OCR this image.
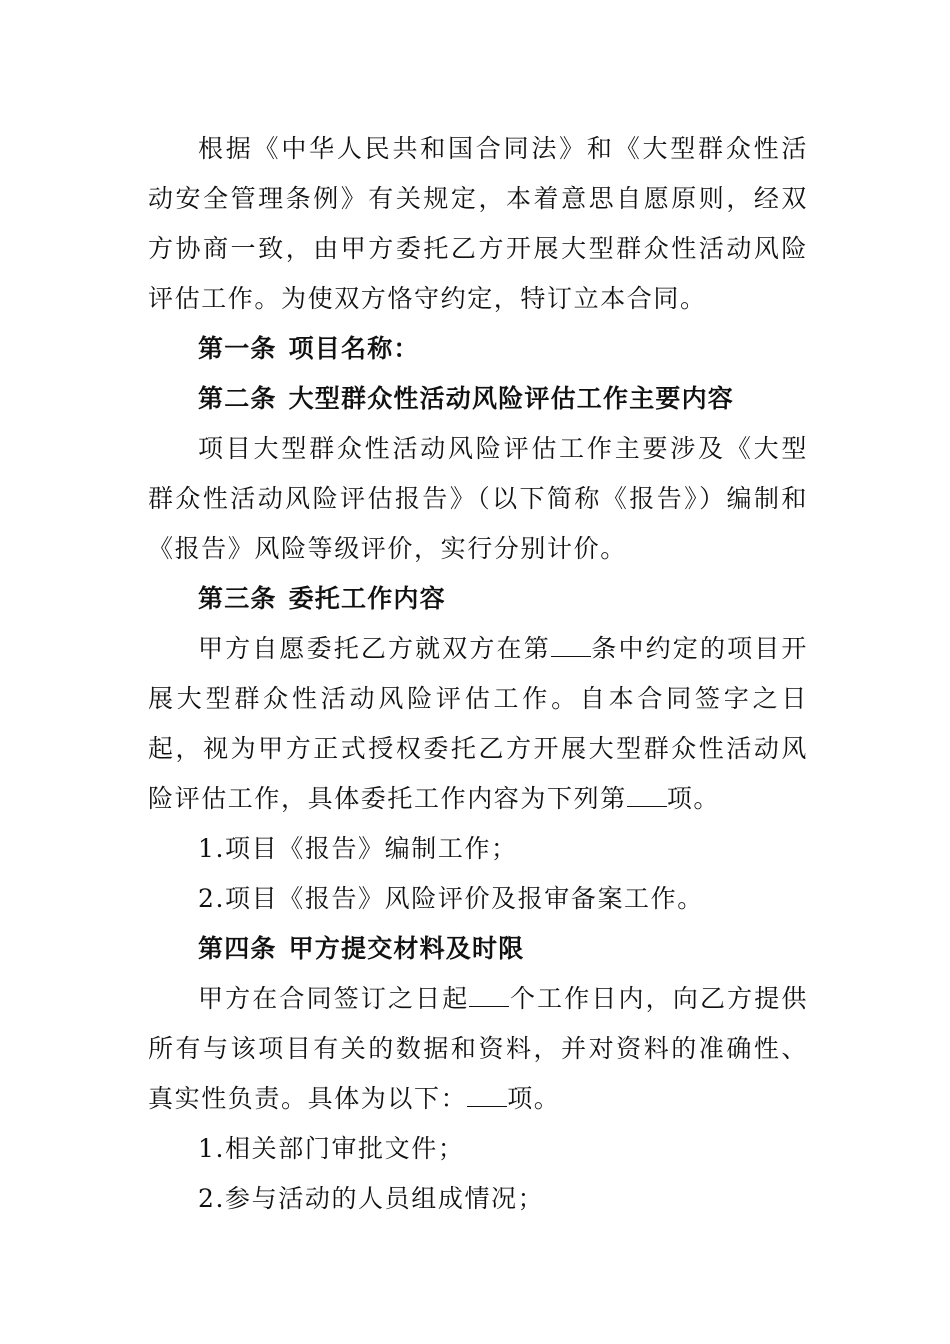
根据《中华人民共和国合同法》和《大型群众性活动安全管理条例》有关规定，本着意思自愿原则，经双方协商一致，由甲方委托乙方开展大型群众性活动风险评估工作。为使双方恪守约定，特订立本合同。

第一条 项目名称：

第二条 大型群众性活动风险评估工作主要内容

项目大型群众性活动风险评估工作主要涉及《大型群众性活动风险评估报告》（以下简称《报告》）编制和《报告》风险等级评价，实行分别计价。

第三条 委托工作内容

甲方自愿委托乙方就双方在第 条中约定的项目开展大型群众性活动风险评估工作。自本合同签字之日起，视为甲方正式授权委托乙方开展大型群众性活动风险评估工作，具体委托工作内容为下列第 项。

1.项目《报告》编制工作；

2.项目《报告》风险评价及报审备案工作。

第四条 甲方提交材料及时限

甲方在合同签订之日起 个工作日内，向乙方提供所有与该项目有关的数据和资料，并对资料的准确性、真实性负责。具体为以下： 项。

1.相关部门审批文件；

2.参与活动的人员组成情况；
